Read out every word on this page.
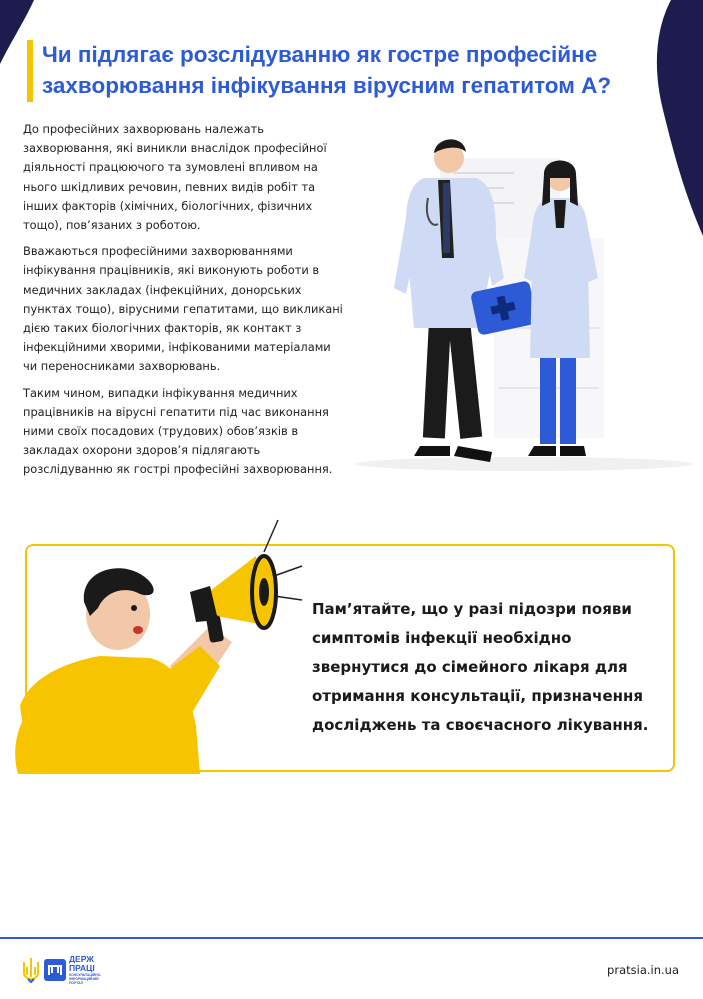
Чи підлягає розслідуванню як гостре професійне захворювання інфікування вірусним гепатитом А?

До професійних захворювань належать захворювання, які виникли внаслідок професійної діяльності працюючого та зумовлені впливом на нього шкідливих речовин, певних видів робіт та інших факторів (хімічних, біологічних, фізичних тощо), пов’язаних з роботою.

Вважаються професійними захворюваннями інфікування працівників, які виконують роботи в медичних закладах (інфекційних, донорських пунктах тощо), вірусними гепатитами, що викликані дією таких біологічних факторів, як контакт з інфекційними хворими, інфікованими матеріалами чи переносниками захворювань.

Таким чином, випадки інфікування медичних працівників на вірусні гепатити під час виконання ними своїх посадових (трудових) обов’язків в закладах охорони здоров’я підлягають розслідуванню як гострі професійні захворювання.

Пам’ятайте, що у разі підозри появи симптомів інфекції необхідно звернутися до сімейного лікаря для отримання консультації, призначення досліджень та своєчасного лікування.
ДЕРЖ
ПРАЦІ
КОНСУЛЬТАЦІЙНО-ІНФОРМАЦІЙНИЙ ПОРТАЛ
pratsia.in.ua
